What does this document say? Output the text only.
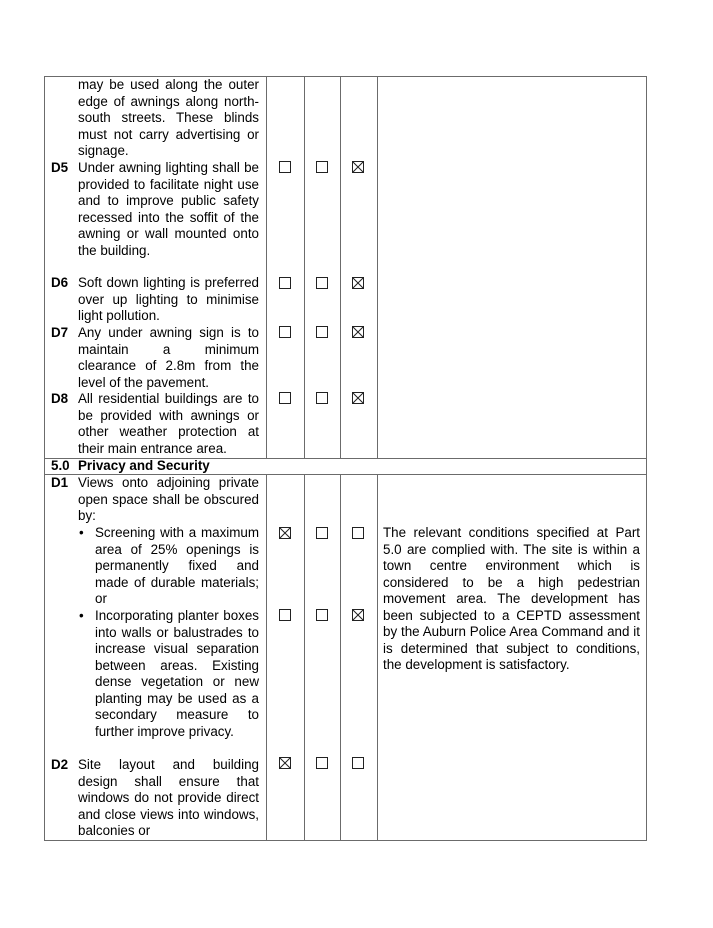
may be used along the outer edge of awnings along north-south streets. These blinds must not carry advertising or signage.
D5 Under awning lighting shall be provided to facilitate night use and to improve public safety recessed into the soffit of the awning or wall mounted onto the building.
D6 Soft down lighting is preferred over up lighting to minimise light pollution.
D7 Any under awning sign is to maintain a minimum clearance of 2.8m from the level of the pavement.
D8 All residential buildings are to be provided with awnings or other weather protection at their main entrance area.
5.0 Privacy and Security
D1 Views onto adjoining private open space shall be obscured by:
• Screening with a maximum area of 25% openings is permanently fixed and made of durable materials; or
• Incorporating planter boxes into walls or balustrades to increase visual separation between areas. Existing dense vegetation or new planting may be used as a secondary measure to further improve privacy.
The relevant conditions specified at Part 5.0 are complied with. The site is within a town centre environment which is considered to be a high pedestrian movement area. The development has been subjected to a CEPTD assessment by the Auburn Police Area Command and it is determined that subject to conditions, the development is satisfactory.
D2 Site layout and building design shall ensure that windows do not provide direct and close views into windows, balconies or
